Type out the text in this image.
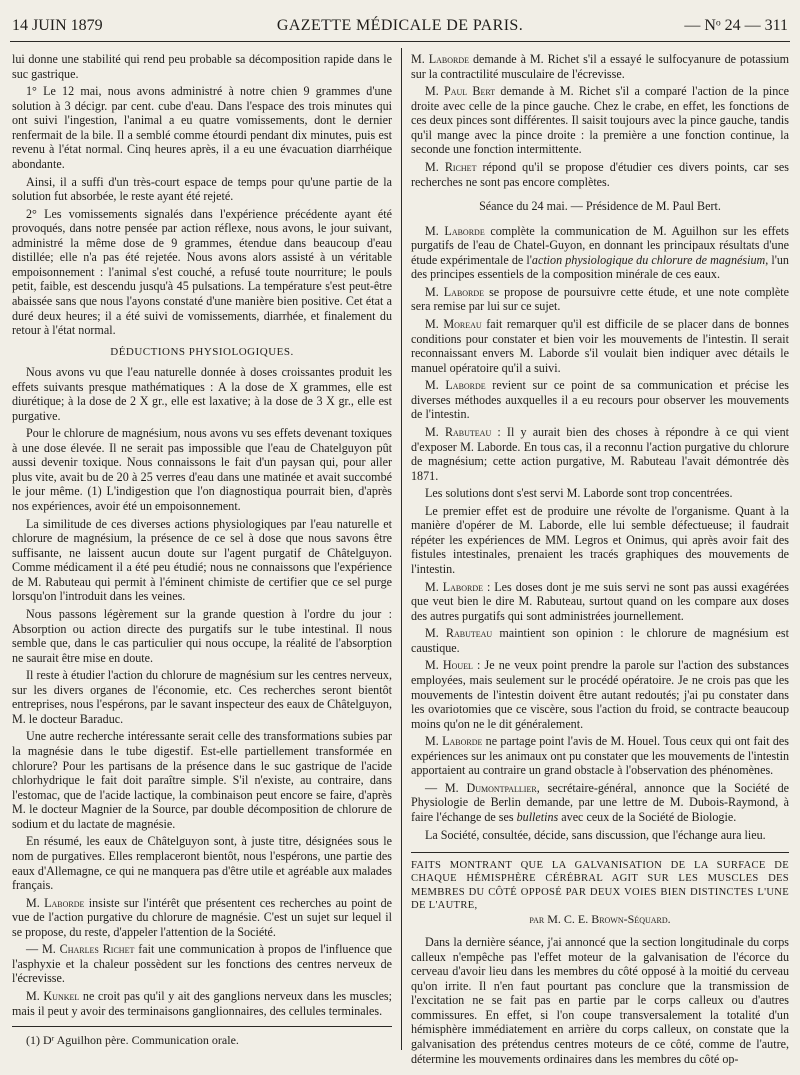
14 JUIN 1879	GAZETTE MÉDICALE DE PARIS.	— Nᵒ 24 — 311

lui donne une stabilité qui rend peu probable sa décomposition rapide dans le suc gastrique.

1° Le 12 mai, nous avons administré à notre chien 9 grammes d'une solution à 3 décigr. par cent. cube d'eau. Dans l'espace des trois minutes qui ont suivi l'ingestion, l'animal a eu quatre vomissements, dont le dernier renfermait de la bile. Il a semblé comme étourdi pendant dix minutes, puis est revenu à l'état normal. Cinq heures après, il a eu une évacuation diarrhéique abondante.

Ainsi, il a suffi d'un très-court espace de temps pour qu'une partie de la solution fut absorbée, le reste ayant été rejeté.

2° Les vomissements signalés dans l'expérience précédente ayant été provoqués, dans notre pensée par action réflexe, nous avons, le jour suivant, administré la même dose de 9 grammes, étendue dans beaucoup d'eau distillée; elle n'a pas été rejetée. Nous avons alors assisté à un véritable empoisonnement : l'animal s'est couché, a refusé toute nourriture; le pouls petit, faible, est descendu jusqu'à 45 pulsations. La température s'est peut-être abaissée sans que nous l'ayons constaté d'une manière bien positive. Cet état a duré deux heures; il a été suivi de vomissements, diarrhée, et finalement du retour à l'état normal.

DÉDUCTIONS PHYSIOLOGIQUES.

Nous avons vu que l'eau naturelle donnée à doses croissantes produit les effets suivants presque mathématiques : A la dose de X grammes, elle est diurétique; à la dose de 2 X gr., elle est laxative; à la dose de 3 X gr., elle est purgative.

Pour le chlorure de magnésium, nous avons vu ses effets devenant toxiques à une dose élevée. Il ne serait pas impossible que l'eau de Chatelguyon pût aussi devenir toxique. Nous connaissons le fait d'un paysan qui, pour aller plus vite, avait bu de 20 à 25 verres d'eau dans une matinée et avait succombé le jour même. (1) L'indigestion que l'on diagnostiqua pourrait bien, d'après nos expériences, avoir été un empoisonnement.

La similitude de ces diverses actions physiologiques par l'eau naturelle et chlorure de magnésium, la présence de ce sel à dose que nous savons être suffisante, ne laissent aucun doute sur l'agent purgatif de Châtelguyon. Comme médicament il a été peu étudié; nous ne connaissons que l'expérience de M. Rabuteau qui permit à l'éminent chimiste de certifier que ce sel purge lorsqu'on l'introduit dans les veines.

Nous passons légèrement sur la grande question à l'ordre du jour : Absorption ou action directe des purgatifs sur le tube intestinal. Il nous semble que, dans le cas particulier qui nous occupe, la réalité de l'absorption ne saurait être mise en doute.

Il reste à étudier l'action du chlorure de magnésium sur les centres nerveux, sur les divers organes de l'économie, etc. Ces recherches seront bientôt entreprises, nous l'espérons, par le savant inspecteur des eaux de Châtelguyon, M. le docteur Baraduc.

Une autre recherche intéressante serait celle des transformations subies par la magnésie dans le tube digestif. Est-elle partiellement transformée en chlorure? Pour les partisans de la présence dans le suc gastrique de l'acide chlorhydrique le fait doit paraître simple. S'il n'existe, au contraire, dans l'estomac, que de l'acide lactique, la combinaison peut encore se faire, d'après M. le docteur Magnier de la Source, par double décomposition de chlorure de sodium et du lactate de magnésie.

En résumé, les eaux de Châtelguyon sont, à juste titre, désignées sous le nom de purgatives. Elles remplaceront bientôt, nous l'espérons, une partie des eaux d'Allemagne, ce qui ne manquera pas d'être utile et agréable aux malades français.

M. Laborde insiste sur l'intérêt que présentent ces recherches au point de vue de l'action purgative du chlorure de magnésie. C'est un sujet sur lequel il se propose, du reste, d'appeler l'attention de la Société.

— M. Charles Richet fait une communication à propos de l'influence que l'asphyxie et la chaleur possèdent sur les fonctions des centres nerveux de l'écrevisse.

M. Kunkel ne croit pas qu'il y ait des ganglions nerveux dans les muscles; mais il peut y avoir des terminaisons ganglionnaires, des cellules terminales.

(1) Dʳ Aguilhon père. Communication orale.

M. Laborde demande à M. Richet s'il a essayé le sulfocyanure de potassium sur la contractilité musculaire de l'écrevisse.

M. Paul Bert demande à M. Richet s'il a comparé l'action de la pince droite avec celle de la pince gauche. Chez le crabe, en effet, les fonctions de ces deux pinces sont différentes. Il saisit toujours avec la pince gauche, tandis qu'il mange avec la pince droite : la première a une fonction continue, la seconde une fonction intermittente.

M. Richet répond qu'il se propose d'étudier ces divers points, car ses recherches ne sont pas encore complètes.

Séance du 24 mai. — Présidence de M. Paul Bert.

M. Laborde complète la communication de M. Aguilhon sur les effets purgatifs de l'eau de Chatel-Guyon, en donnant les principaux résultats d'une étude expérimentale de l'action physiologique du chlorure de magnésium, l'un des principes essentiels de la composition minérale de ces eaux.

M. Laborde se propose de poursuivre cette étude, et une note complète sera remise par lui sur ce sujet.

M. Moreau fait remarquer qu'il est difficile de se placer dans de bonnes conditions pour constater et bien voir les mouvements de l'intestin. Il serait reconnaissant envers M. Laborde s'il voulait bien indiquer avec détails le manuel opératoire qu'il a suivi.

M. Laborde revient sur ce point de sa communication et précise les diverses méthodes auxquelles il a eu recours pour observer les mouvements de l'intestin.

M. Rabuteau : Il y aurait bien des choses à répondre à ce qui vient d'exposer M. Laborde. En tous cas, il a reconnu l'action purgative du chlorure de magnésium; cette action purgative, M. Rabuteau l'avait démontrée dès 1871.

Les solutions dont s'est servi M. Laborde sont trop concentrées.

Le premier effet est de produire une révolte de l'organisme. Quant à la manière d'opérer de M. Laborde, elle lui semble défectueuse; il faudrait répéter les expériences de MM. Legros et Onimus, qui après avoir fait des fistules intestinales, prenaient les tracés graphiques des mouvements de l'intestin.

M. Laborde : Les doses dont je me suis servi ne sont pas aussi exagérées que veut bien le dire M. Rabuteau, surtout quand on les compare aux doses des autres purgatifs qui sont administrées journellement.

M. Rabuteau maintient son opinion : le chlorure de magnésium est caustique.

M. Houel : Je ne veux point prendre la parole sur l'action des substances employées, mais seulement sur le procédé opératoire. Je ne crois pas que les mouvements de l'intestin doivent être autant redoutés; j'ai pu constater dans les ovariotomies que ce viscère, sous l'action du froid, se contracte beaucoup moins qu'on ne le dit généralement.

M. Laborde ne partage point l'avis de M. Houel. Tous ceux qui ont fait des expériences sur les animaux ont pu constater que les mouvements de l'intestin apportaient au contraire un grand obstacle à l'observation des phénomènes.

— M. Dumontpallier, secrétaire-général, annonce que la Société de Physiologie de Berlin demande, par une lettre de M. Dubois-Raymond, à faire l'échange de ses bulletins avec ceux de la Société de Biologie.

La Société, consultée, décide, sans discussion, que l'échange aura lieu.

FAITS MONTRANT QUE LA GALVANISATION DE LA SURFACE DE CHAQUE HÉMISPHÈRE CÉRÉBRAL AGIT SUR LES MUSCLES DES MEMBRES DU CÔTÉ OPPOSÉ PAR DEUX VOIES BIEN DISTINCTES L'UNE DE L'AUTRE,

par M. C. E. Brown-Séquard.

Dans la dernière séance, j'ai annoncé que la section longitudinale du corps calleux n'empêche pas l'effet moteur de la galvanisation de l'écorce du cerveau d'avoir lieu dans les membres du côté opposé à la moitié du cerveau qu'on irrite. Il n'en faut pourtant pas conclure que la transmission de l'excitation ne se fait pas en partie par le corps calleux ou d'autres commissures. En effet, si l'on coupe transversalement la totalité d'un hémisphère immédiatement en arrière du corps calleux, on constate que la galvanisation des prétendus centres moteurs de ce côté, comme de l'autre, détermine les mouvements ordinaires dans les membres du côté op-
